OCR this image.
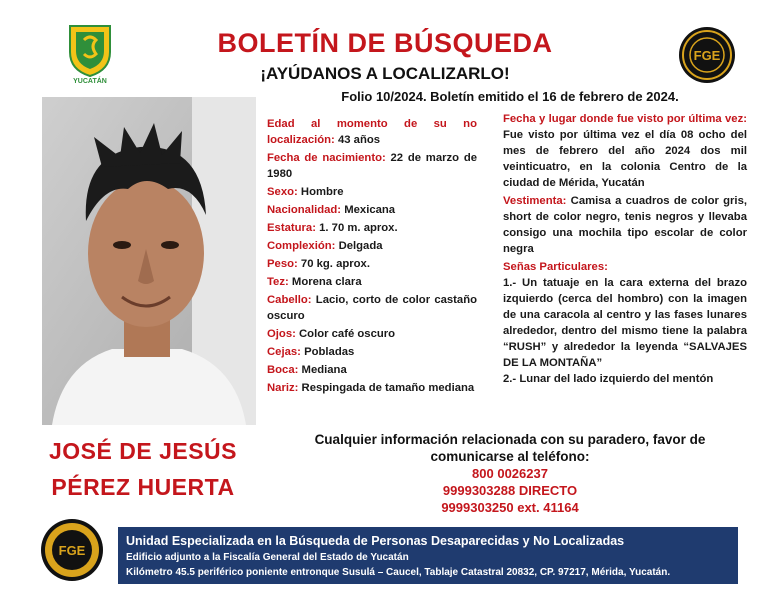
YUCATÁN
FGE
BOLETÍN DE BÚSQUEDA
¡AYÚDANOS A LOCALIZARLO!
Folio 10/2024. Boletín emitido el 16 de febrero de 2024.
JOSÉ DE JESÚS
PÉREZ HUERTA
Edad al momento de su no localización: 43 años
Fecha de nacimiento: 22 de marzo de 1980
Sexo: Hombre
Nacionalidad: Mexicana
Estatura: 1. 70 m. aprox.
Complexión: Delgada
Peso: 70 kg. aprox.
Tez: Morena clara
Cabello: Lacio, corto de color castaño oscuro
Ojos: Color café oscuro
Cejas: Pobladas
Boca: Mediana
Nariz: Respingada de tamaño mediana
Fecha y lugar donde fue visto por última vez: Fue visto por última vez el día 08 ocho del mes de febrero del año 2024 dos mil veinticuatro, en la colonia Centro de la ciudad de Mérida, Yucatán
Vestimenta: Camisa a cuadros de color gris, short de color negro, tenis negros y llevaba consigo una mochila tipo escolar de color negra
Señas Particulares:
1.- Un tatuaje en la cara externa del brazo izquierdo (cerca del hombro) con la imagen de una caracola al centro y las fases lunares alrededor, dentro del mismo tiene la palabra “RUSH” y alrededor la leyenda “SALVAJES DE LA MONTAÑA”
2.- Lunar del lado izquierdo del mentón
Cualquier información relacionada con su paradero, favor de comunicarse al teléfono:
800 0026237
9999303288 DIRECTO
9999303250 ext. 41164
FGE
Unidad Especializada en la Búsqueda de Personas Desaparecidas y No Localizadas
Edificio adjunto a la Fiscalía General del Estado de Yucatán
Kilómetro 45.5 periférico poniente entronque Susulá – Caucel, Tablaje Catastral 20832, CP. 97217, Mérida, Yucatán.
